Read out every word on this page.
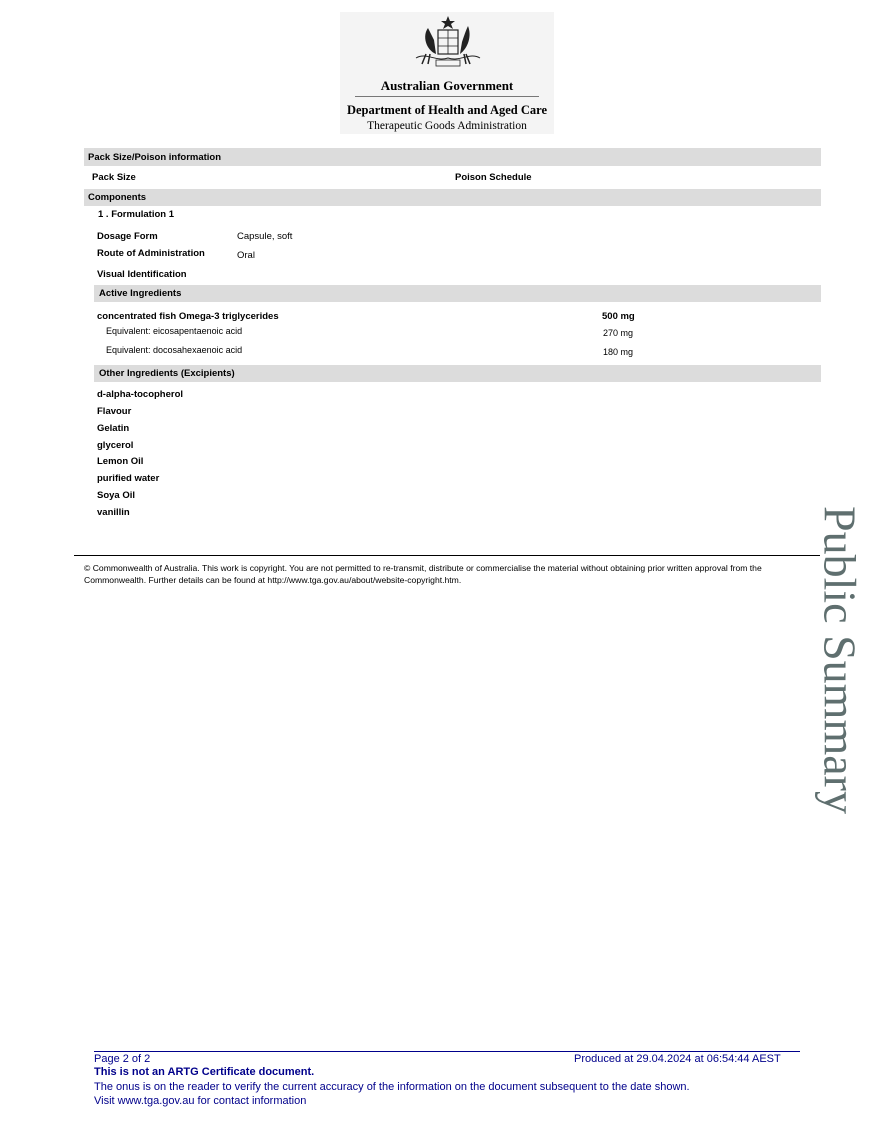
Australian Government
Department of Health and Aged Care
Therapeutic Goods Administration
Pack Size/Poison information
Pack Size	Poison Schedule
Components
1 . Formulation 1
Dosage Form	Capsule, soft
Route of Administration	Oral
Visual Identification
Active Ingredients
concentrated fish Omega-3 triglycerides	500 mg
Equivalent: eicosapentaenoic acid	270 mg
Equivalent: docosahexaenoic acid	180 mg
Other Ingredients (Excipients)
d-alpha-tocopherol
Flavour
Gelatin
glycerol
Lemon Oil
purified water
Soya Oil
vanillin
© Commonwealth of Australia. This work is copyright. You are not permitted to re-transmit, distribute or commercialise the material without obtaining prior written approval from the Commonwealth. Further details can be found at http://www.tga.gov.au/about/website-copyright.htm.	Public Summary
Page 2 of 2	Produced at 29.04.2024 at 06:54:44 AEST
This is not an ARTG Certificate document.
The onus is on the reader to verify the current accuracy of the information on the document subsequent to the date shown.
Visit www.tga.gov.au for contact information
